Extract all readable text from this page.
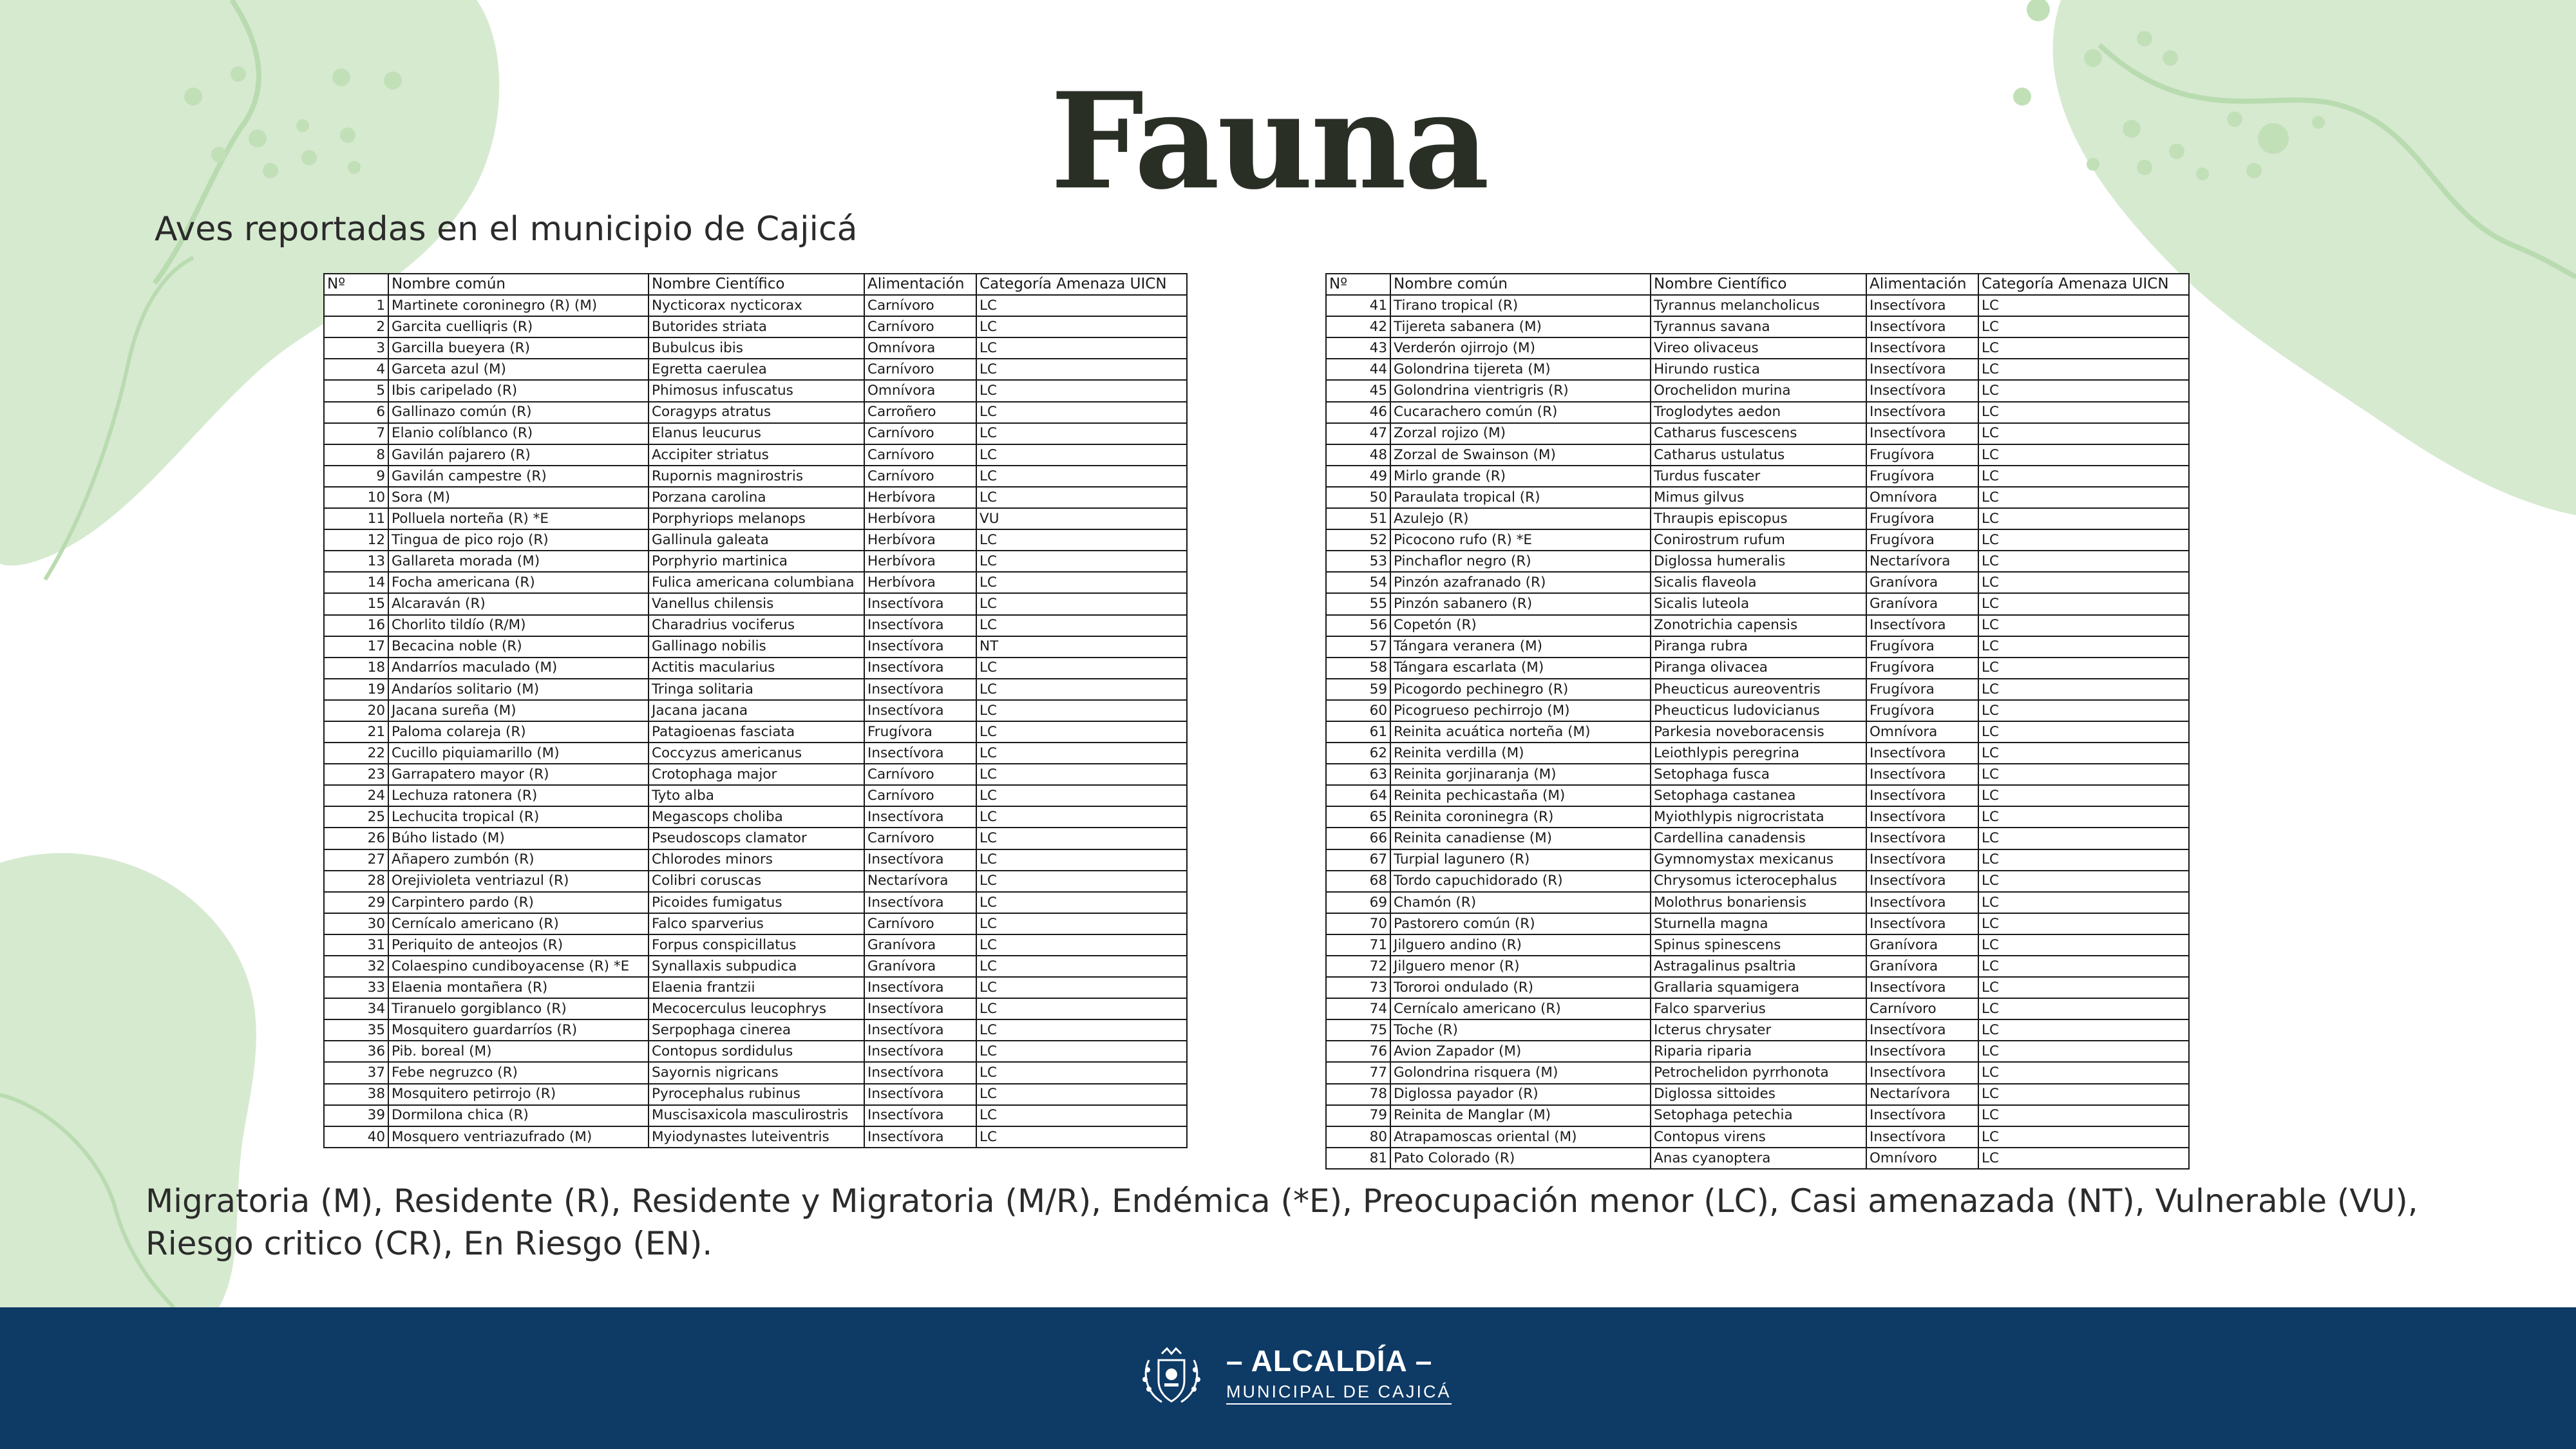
Fauna

Aves reportadas en el municipio de Cajicá

Nº	Nombre común	Nombre Científico	Alimentación	Categoría Amenaza UICN
1	Martinete coroninegro (R) (M)	Nycticorax nycticorax	Carnívoro	LC
2	Garcita cuelliqris (R)	Butorides striata	Carnívoro	LC
3	Garcilla bueyera (R)	Bubulcus ibis	Omnívora	LC
4	Garceta azul (M)	Egretta caerulea	Carnívoro	LC
5	Ibis caripelado (R)	Phimosus infuscatus	Omnívora	LC
6	Gallinazo común (R)	Coragyps atratus	Carroñero	LC
7	Elanio colíblanco (R)	Elanus leucurus	Carnívoro	LC
8	Gavilán pajarero (R)	Accipiter striatus	Carnívoro	LC
9	Gavilán campestre (R)	Rupornis magnirostris	Carnívoro	LC
10	Sora (M)	Porzana carolina	Herbívora	LC
11	Polluela norteña (R) *E	Porphyriops melanops	Herbívora	VU
12	Tingua de pico rojo (R)	Gallinula galeata	Herbívora	LC
13	Gallareta morada (M)	Porphyrio martinica	Herbívora	LC
14	Focha americana (R)	Fulica americana columbiana	Herbívora	LC
15	Alcaraván (R)	Vanellus chilensis	Insectívora	LC
16	Chorlito tildío (R/M)	Charadrius vociferus	Insectívora	LC
17	Becacina noble (R)	Gallinago nobilis	Insectívora	NT
18	Andarríos maculado (M)	Actitis macularius	Insectívora	LC
19	Andaríos solitario (M)	Tringa solitaria	Insectívora	LC
20	Jacana sureña (M)	Jacana jacana	Insectívora	LC
21	Paloma colareja (R)	Patagioenas fasciata	Frugívora	LC
22	Cucillo piquiamarillo (M)	Coccyzus americanus	Insectívora	LC
23	Garrapatero mayor (R)	Crotophaga major	Carnívoro	LC
24	Lechuza ratonera (R)	Tyto alba	Carnívoro	LC
25	Lechucita tropical (R)	Megascops choliba	Insectívora	LC
26	Búho listado (M)	Pseudoscops clamator	Carnívoro	LC
27	Añapero zumbón (R)	Chlorodes minors	Insectívora	LC
28	Orejivioleta ventriazul (R)	Colibri coruscas	Nectarívora	LC
29	Carpintero pardo (R)	Picoides fumigatus	Insectívora	LC
30	Cernícalo americano (R)	Falco sparverius	Carnívoro	LC
31	Periquito de anteojos (R)	Forpus conspicillatus	Granívora	LC
32	Colaespino cundiboyacense (R) *E	Synallaxis subpudica	Granívora	LC
33	Elaenia montañera (R)	Elaenia frantzii	Insectívora	LC
34	Tiranuelo gorgiblanco (R)	Mecocerculus leucophrys	Insectívora	LC
35	Mosquitero guardarríos (R)	Serpophaga cinerea	Insectívora	LC
36	Pib. boreal (M)	Contopus sordidulus	Insectívora	LC
37	Febe negruzco (R)	Sayornis nigricans	Insectívora	LC
38	Mosquitero petirrojo (R)	Pyrocephalus rubinus	Insectívora	LC
39	Dormilona chica (R)	Muscisaxicola masculirostris	Insectívora	LC
40	Mosquero ventriazufrado (M)	Myiodynastes luteiventris	Insectívora	LC
Nº	Nombre común	Nombre Científico	Alimentación	Categoría Amenaza UICN
41	Tirano tropical (R)	Tyrannus melancholicus	Insectívora	LC
42	Tijereta sabanera (M)	Tyrannus savana	Insectívora	LC
43	Verderón ojirrojo (M)	Vireo olivaceus	Insectívora	LC
44	Golondrina tijereta (M)	Hirundo rustica	Insectívora	LC
45	Golondrina vientrigris (R)	Orochelidon murina	Insectívora	LC
46	Cucarachero común (R)	Troglodytes aedon	Insectívora	LC
47	Zorzal rojizo (M)	Catharus fuscescens	Insectívora	LC
48	Zorzal de Swainson (M)	Catharus ustulatus	Frugívora	LC
49	Mirlo grande (R)	Turdus fuscater	Frugívora	LC
50	Paraulata tropical (R)	Mimus gilvus	Omnívora	LC
51	Azulejo (R)	Thraupis episcopus	Frugívora	LC
52	Picocono rufo (R) *E	Conirostrum rufum	Frugívora	LC
53	Pinchaflor negro (R)	Diglossa humeralis	Nectarívora	LC
54	Pinzón azafranado (R)	Sicalis flaveola	Granívora	LC
55	Pinzón sabanero (R)	Sicalis luteola	Granívora	LC
56	Copetón (R)	Zonotrichia capensis	Insectívora	LC
57	Tángara veranera (M)	Piranga rubra	Frugívora	LC
58	Tángara escarlata (M)	Piranga olivacea	Frugívora	LC
59	Picogordo pechinegro (R)	Pheucticus aureoventris	Frugívora	LC
60	Picogrueso pechirrojo (M)	Pheucticus ludovicianus	Frugívora	LC
61	Reinita acuática norteña (M)	Parkesia noveboracensis	Omnívora	LC
62	Reinita verdilla (M)	Leiothlypis peregrina	Insectívora	LC
63	Reinita gorjinaranja (M)	Setophaga fusca	Insectívora	LC
64	Reinita pechicastaña (M)	Setophaga castanea	Insectívora	LC
65	Reinita coroninegra (R)	Myiothlypis nigrocristata	Insectívora	LC
66	Reinita canadiense (M)	Cardellina canadensis	Insectívora	LC
67	Turpial lagunero (R)	Gymnomystax mexicanus	Insectívora	LC
68	Tordo capuchidorado (R)	Chrysomus icterocephalus	Insectívora	LC
69	Chamón (R)	Molothrus bonariensis	Insectívora	LC
70	Pastorero común (R)	Sturnella magna	Insectívora	LC
71	Jilguero andino (R)	Spinus spinescens	Granívora	LC
72	Jilguero menor (R)	Astragalinus psaltria	Granívora	LC
73	Tororoi ondulado (R)	Grallaria squamigera	Insectívora	LC
74	Cernícalo americano (R)	Falco sparverius	Carnívoro	LC
75	Toche (R)	Icterus chrysater	Insectívora	LC
76	Avion Zapador (M)	Riparia riparia	Insectívora	LC
77	Golondrina risquera (M)	Petrochelidon pyrrhonota	Insectívora	LC
78	Diglossa payador (R)	Diglossa sittoides	Nectarívora	LC
79	Reinita de Manglar (M)	Setophaga petechia	Insectívora	LC
80	Atrapamoscas oriental (M)	Contopus virens	Insectívora	LC
81	Pato Colorado (R)	Anas cyanoptera	Omnívoro	LC

Migratoria (M), Residente (R), Residente y Migratoria (M/R), Endémica (*E), Preocupación menor (LC), Casi amenazada (NT), Vulnerable (VU), Riesgo critico (CR), En Riesgo (EN).

– ALCALDÍA –
MUNICIPAL DE CAJICÁ
